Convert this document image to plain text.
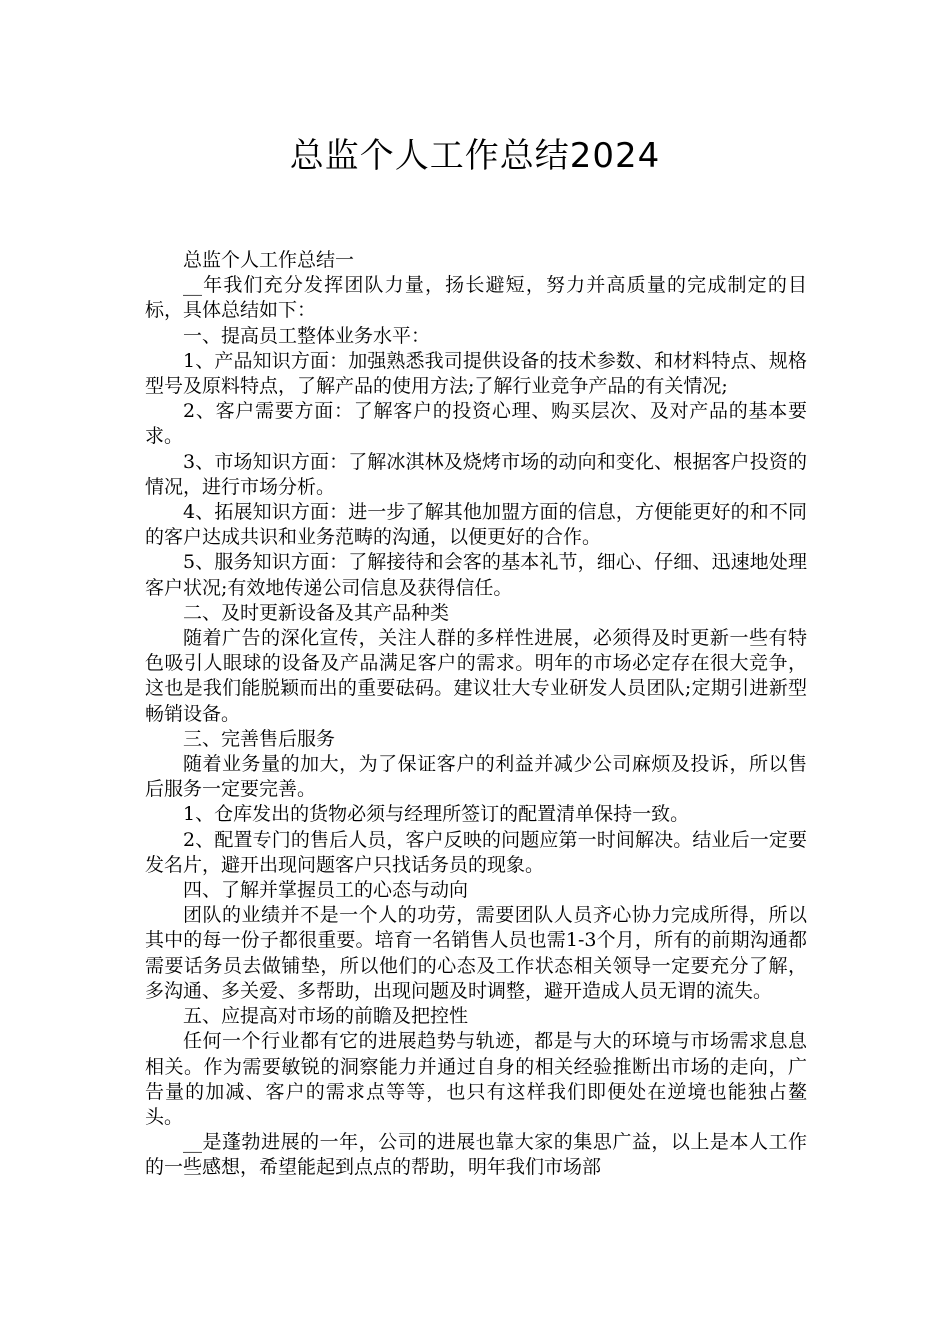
总监个人工作总结2024

总监个人工作总结一

__年我们充分发挥团队力量，扬长避短，努力并高质量的完成制定的目标，具体总结如下：

一、提高员工整体业务水平：

1、产品知识方面：加强熟悉我司提供设备的技术参数、和材料特点、规格型号及原料特点，了解产品的使用方法;了解行业竞争产品的有关情况;

2、客户需要方面：了解客户的投资心理、购买层次、及对产品的基本要求。

3、市场知识方面：了解冰淇林及烧烤市场的动向和变化、根据客户投资的情况，进行市场分析。

4、拓展知识方面：进一步了解其他加盟方面的信息，方便能更好的和不同的客户达成共识和业务范畴的沟通，以便更好的合作。

5、服务知识方面：了解接待和会客的基本礼节，细心、仔细、迅速地处理客户状况;有效地传递公司信息及获得信任。

二、及时更新设备及其产品种类

随着广告的深化宣传，关注人群的多样性进展，必须得及时更新一些有特色吸引人眼球的设备及产品满足客户的需求。明年的市场必定存在很大竞争，这也是我们能脱颖而出的重要砝码。建议壮大专业研发人员团队;定期引进新型畅销设备。

三、完善售后服务

随着业务量的加大，为了保证客户的利益并减少公司麻烦及投诉，所以售后服务一定要完善。

1、仓库发出的货物必须与经理所签订的配置清单保持一致。

2、配置专门的售后人员，客户反映的问题应第一时间解决。结业后一定要发名片，避开出现问题客户只找话务员的现象。

四、了解并掌握员工的心态与动向

团队的业绩并不是一个人的功劳，需要团队人员齐心协力完成所得，所以其中的每一份子都很重要。培育一名销售人员也需1-3个月，所有的前期沟通都需要话务员去做铺垫，所以他们的心态及工作状态相关领导一定要充分了解，多沟通、多关爱、多帮助，出现问题及时调整，避开造成人员无谓的流失。

五、应提高对市场的前瞻及把控性

任何一个行业都有它的进展趋势与轨迹，都是与大的环境与市场需求息息相关。作为需要敏锐的洞察能力并通过自身的相关经验推断出市场的走向，广告量的加减、客户的需求点等等，也只有这样我们即便处在逆境也能独占鳌头。

__是蓬勃进展的一年，公司的进展也靠大家的集思广益，以上是本人工作的一些感想，希望能起到点点的帮助，明年我们市场部
